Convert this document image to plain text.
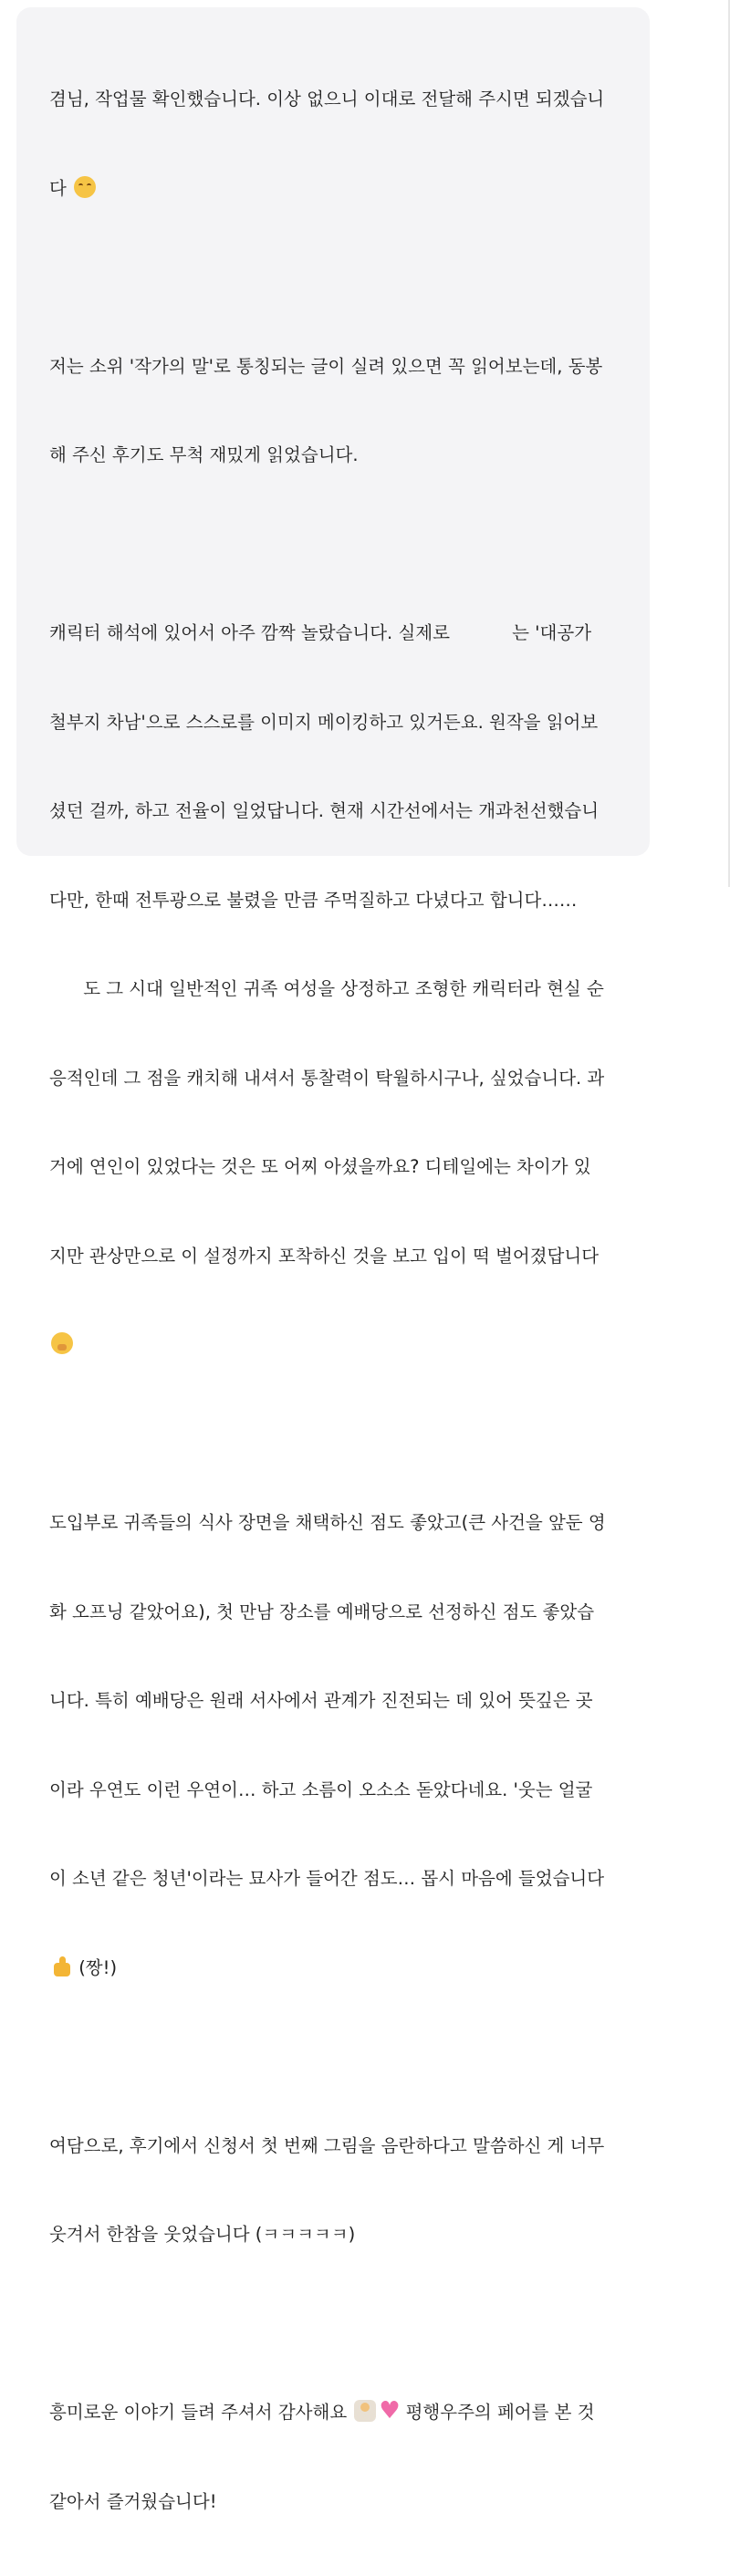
겸님, 작업물 확인했습니다. 이상 없으니 이대로 전달해 주시면 되겠습니

다

저는 소위 '작가의 말'로 통칭되는 글이 실려 있으면 꼭 읽어보는데, 동봉

해 주신 후기도 무척 재밌게 읽었습니다.

캐릭터 해석에 있어서 아주 깜짝 놀랐습니다. 실제로           는 '대공가

철부지 차남'으로 스스로를 이미지 메이킹하고 있거든요. 원작을 읽어보

셨던 걸까, 하고 전율이 일었답니다. 현재 시간선에서는 개과천선했습니

다만, 한때 전투광으로 불렸을 만큼 주먹질하고 다녔다고 합니다……

도 그 시대 일반적인 귀족 여성을 상정하고 조형한 캐릭터라 현실 순

응적인데 그 점을 캐치해 내셔서 통찰력이 탁월하시구나, 싶었습니다. 과

거에 연인이 있었다는 것은 또 어찌 아셨을까요? 디테일에는 차이가 있

지만 관상만으로 이 설정까지 포착하신 것을 보고 입이 떡 벌어졌답니다

도입부로 귀족들의 식사 장면을 채택하신 점도 좋았고(큰 사건을 앞둔 영

화 오프닝 같았어요), 첫 만남 장소를 예배당으로 선정하신 점도 좋았습

니다. 특히 예배당은 원래 서사에서 관계가 진전되는 데 있어 뜻깊은 곳

이라 우연도 이런 우연이… 하고 소름이 오소소 돋았다네요. '웃는 얼굴

이 소년 같은 청년'이라는 묘사가 들어간 점도… 몹시 마음에 들었습니다

(짱!)

여담으로, 후기에서 신청서 첫 번째 그림을 음란하다고 말씀하신 게 너무

웃겨서 한참을 웃었습니다 (ㅋㅋㅋㅋㅋ)

흥미로운 이야기 들려 주셔서 감사해요 ♥	평행우주의 페어를 본 것

같아서 즐거웠습니다!
